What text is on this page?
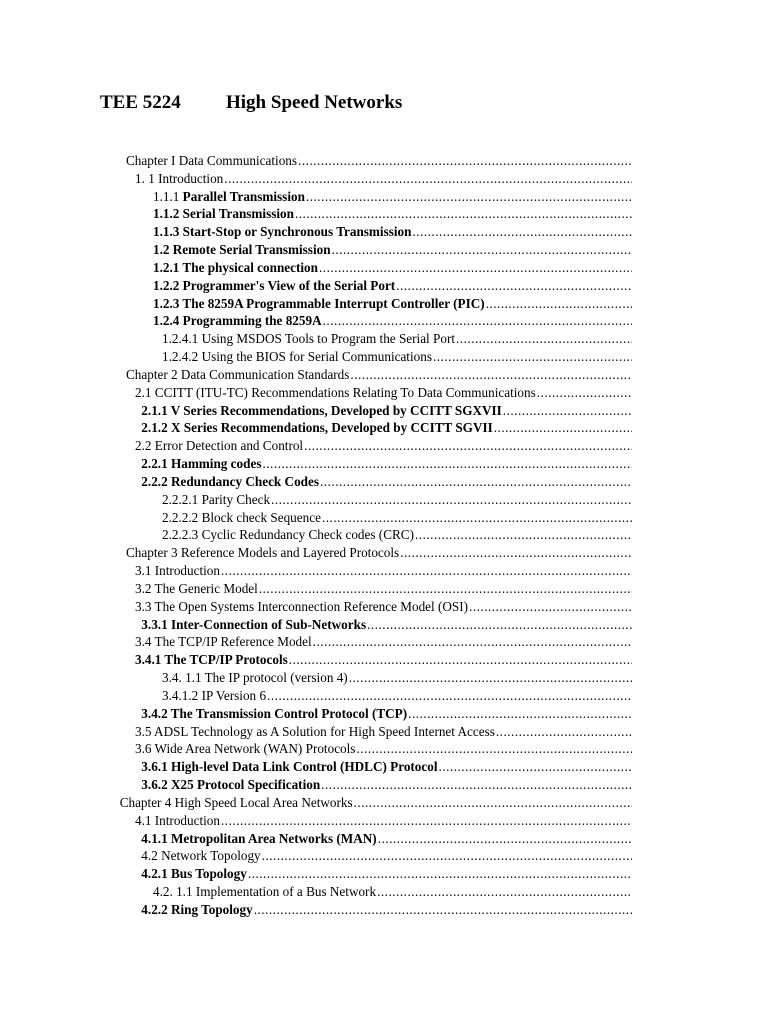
TEE 5224 High Speed Networks
Chapter I Data Communications
.....
1. 1 Introduction
.....
1.1.1 Parallel Transmission
.....
1.1.2 Serial Transmission
.....
1.1.3 Start-Stop or Synchronous Transmission
.....
1.2 Remote Serial Transmission
.....
1.2.1 The physical connection
.....
1.2.2 Programmer's View of the Serial Port
.....
1.2.3 The 8259A Programmable Interrupt Controller (PIC)
.....
1.2.4 Programming the 8259A
.....
1.2.4.1 Using MSDOS Tools to Program the Serial Port
.....
1.2.4.2 Using the BIOS for Serial Communications
.....
Chapter 2 Data Communication Standards
.....
2.1 CCITT (ITU-TC) Recommendations Relating To Data Communications
.....
2.1.1 V Series Recommendations, Developed by CCITT SGXVII
.....
2.1.2 X Series Recommendations, Developed by CCITT SGVII
.....
2.2 Error Detection and Control
.....
2.2.1 Hamming codes
.....
2.2.2 Redundancy Check Codes
.....
2.2.2.1 Parity Check
.....
2.2.2.2 Block check Sequence
.....
2.2.2.3 Cyclic Redundancy Check codes (CRC)
.....
Chapter 3 Reference Models and Layered Protocols
.....
3.1 Introduction
.....
3.2 The Generic Model
.....
3.3 The Open Systems Interconnection Reference Model (OSI)
.....
3.3.1 Inter-Connection of Sub-Networks
.....
3.4 The TCP/IP Reference Model
.....
3.4.1 The TCP/IP Protocols
.....
3.4. 1.1 The IP protocol (version 4)
.....
3.4.1.2 IP Version 6
.....
3.4.2 The Transmission Control Protocol (TCP)
.....
3.5 ADSL Technology as A Solution for High Speed Internet Access
.....
3.6 Wide Area Network (WAN) Protocols
.....
3.6.1 High-level Data Link Control (HDLC) Protocol
.....
3.6.2 X25 Protocol Specification
.....
Chapter 4 High Speed Local Area Networks
.....
4.1 Introduction
.....
4.1.1 Metropolitan Area Networks (MAN)
.....
4.2 Network Topology
.....
4.2.1 Bus Topology
.....
4.2. 1.1 Implementation of a Bus Network
.....
4.2.2 Ring Topology
.....
